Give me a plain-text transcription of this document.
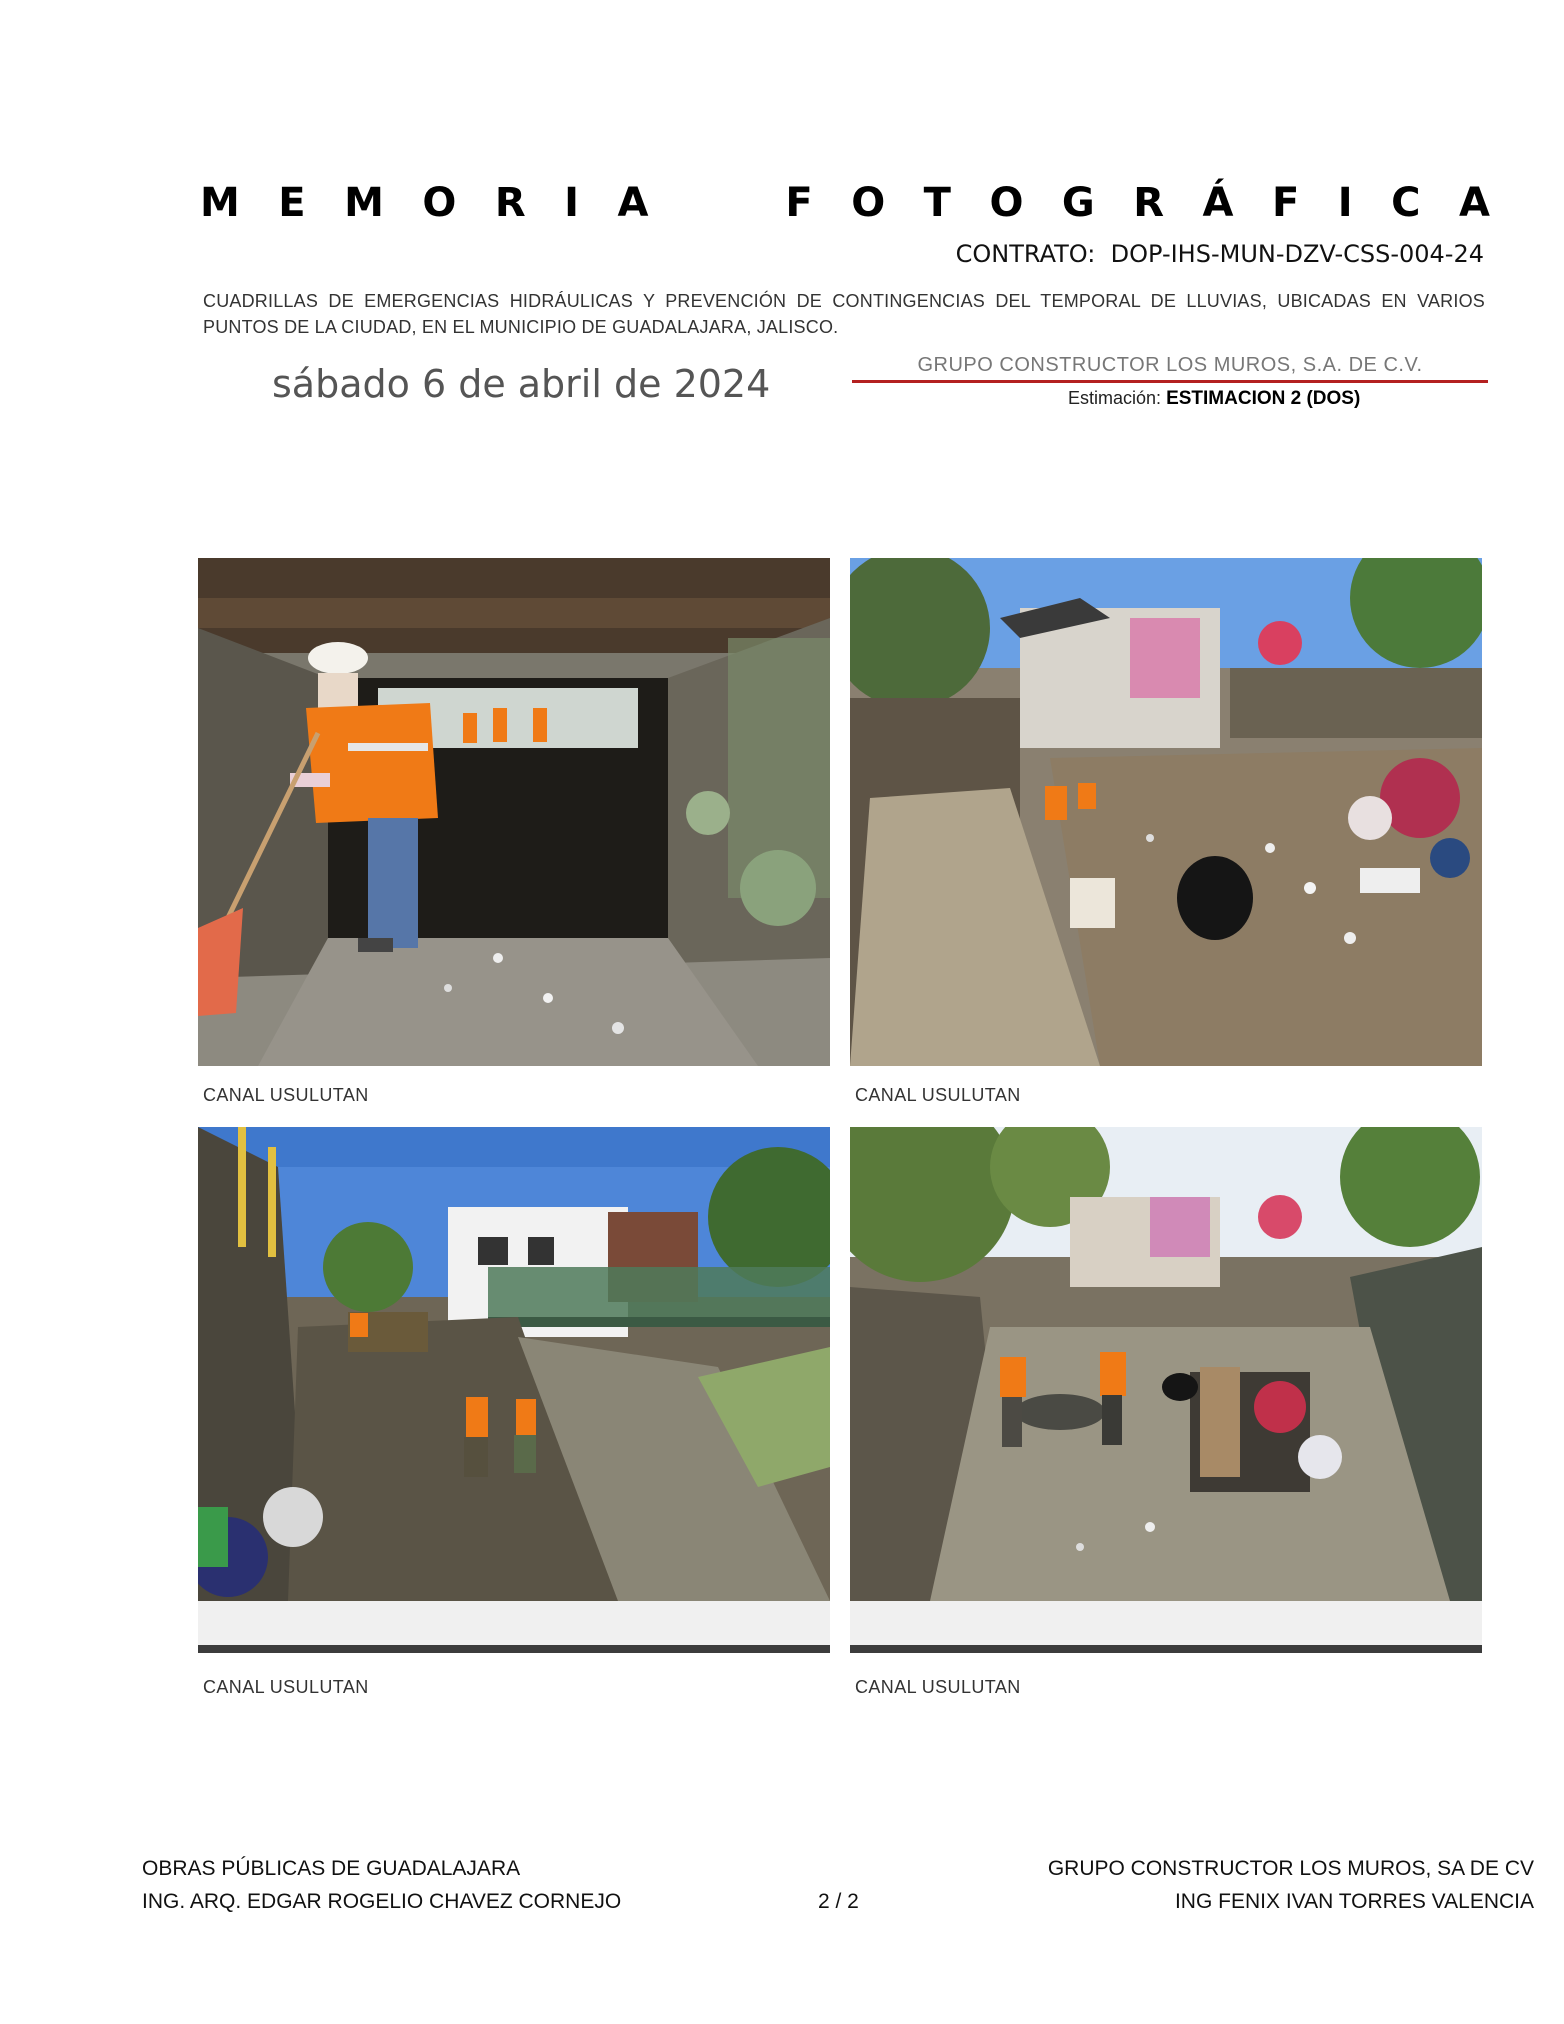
M E M O R I A	F O T O G R Á F I C A
CONTRATO: DOP-IHS-MUN-DZV-CSS-004-24
CUADRILLAS DE EMERGENCIAS HIDRÁULICAS Y PREVENCIÓN DE CONTINGENCIAS DEL TEMPORAL DE LLUVIAS, UBICADAS EN VARIOS PUNTOS DE LA CIUDAD, EN EL MUNICIPIO DE GUADALAJARA, JALISCO.
sábado 6 de abril de 2024	GRUPO CONSTRUCTOR LOS MUROS, S.A. DE C.V.
Estimación: ESTIMACION 2 (DOS)
CANAL USULUTAN	CANAL USULUTAN
CANAL USULUTAN	CANAL USULUTAN
OBRAS PÚBLICAS DE GUADALAJARA
ING. ARQ. EDGAR ROGELIO CHAVEZ CORNEJO	2 / 2
GRUPO CONSTRUCTOR LOS MUROS, SA DE CV
ING FENIX IVAN TORRES VALENCIA
